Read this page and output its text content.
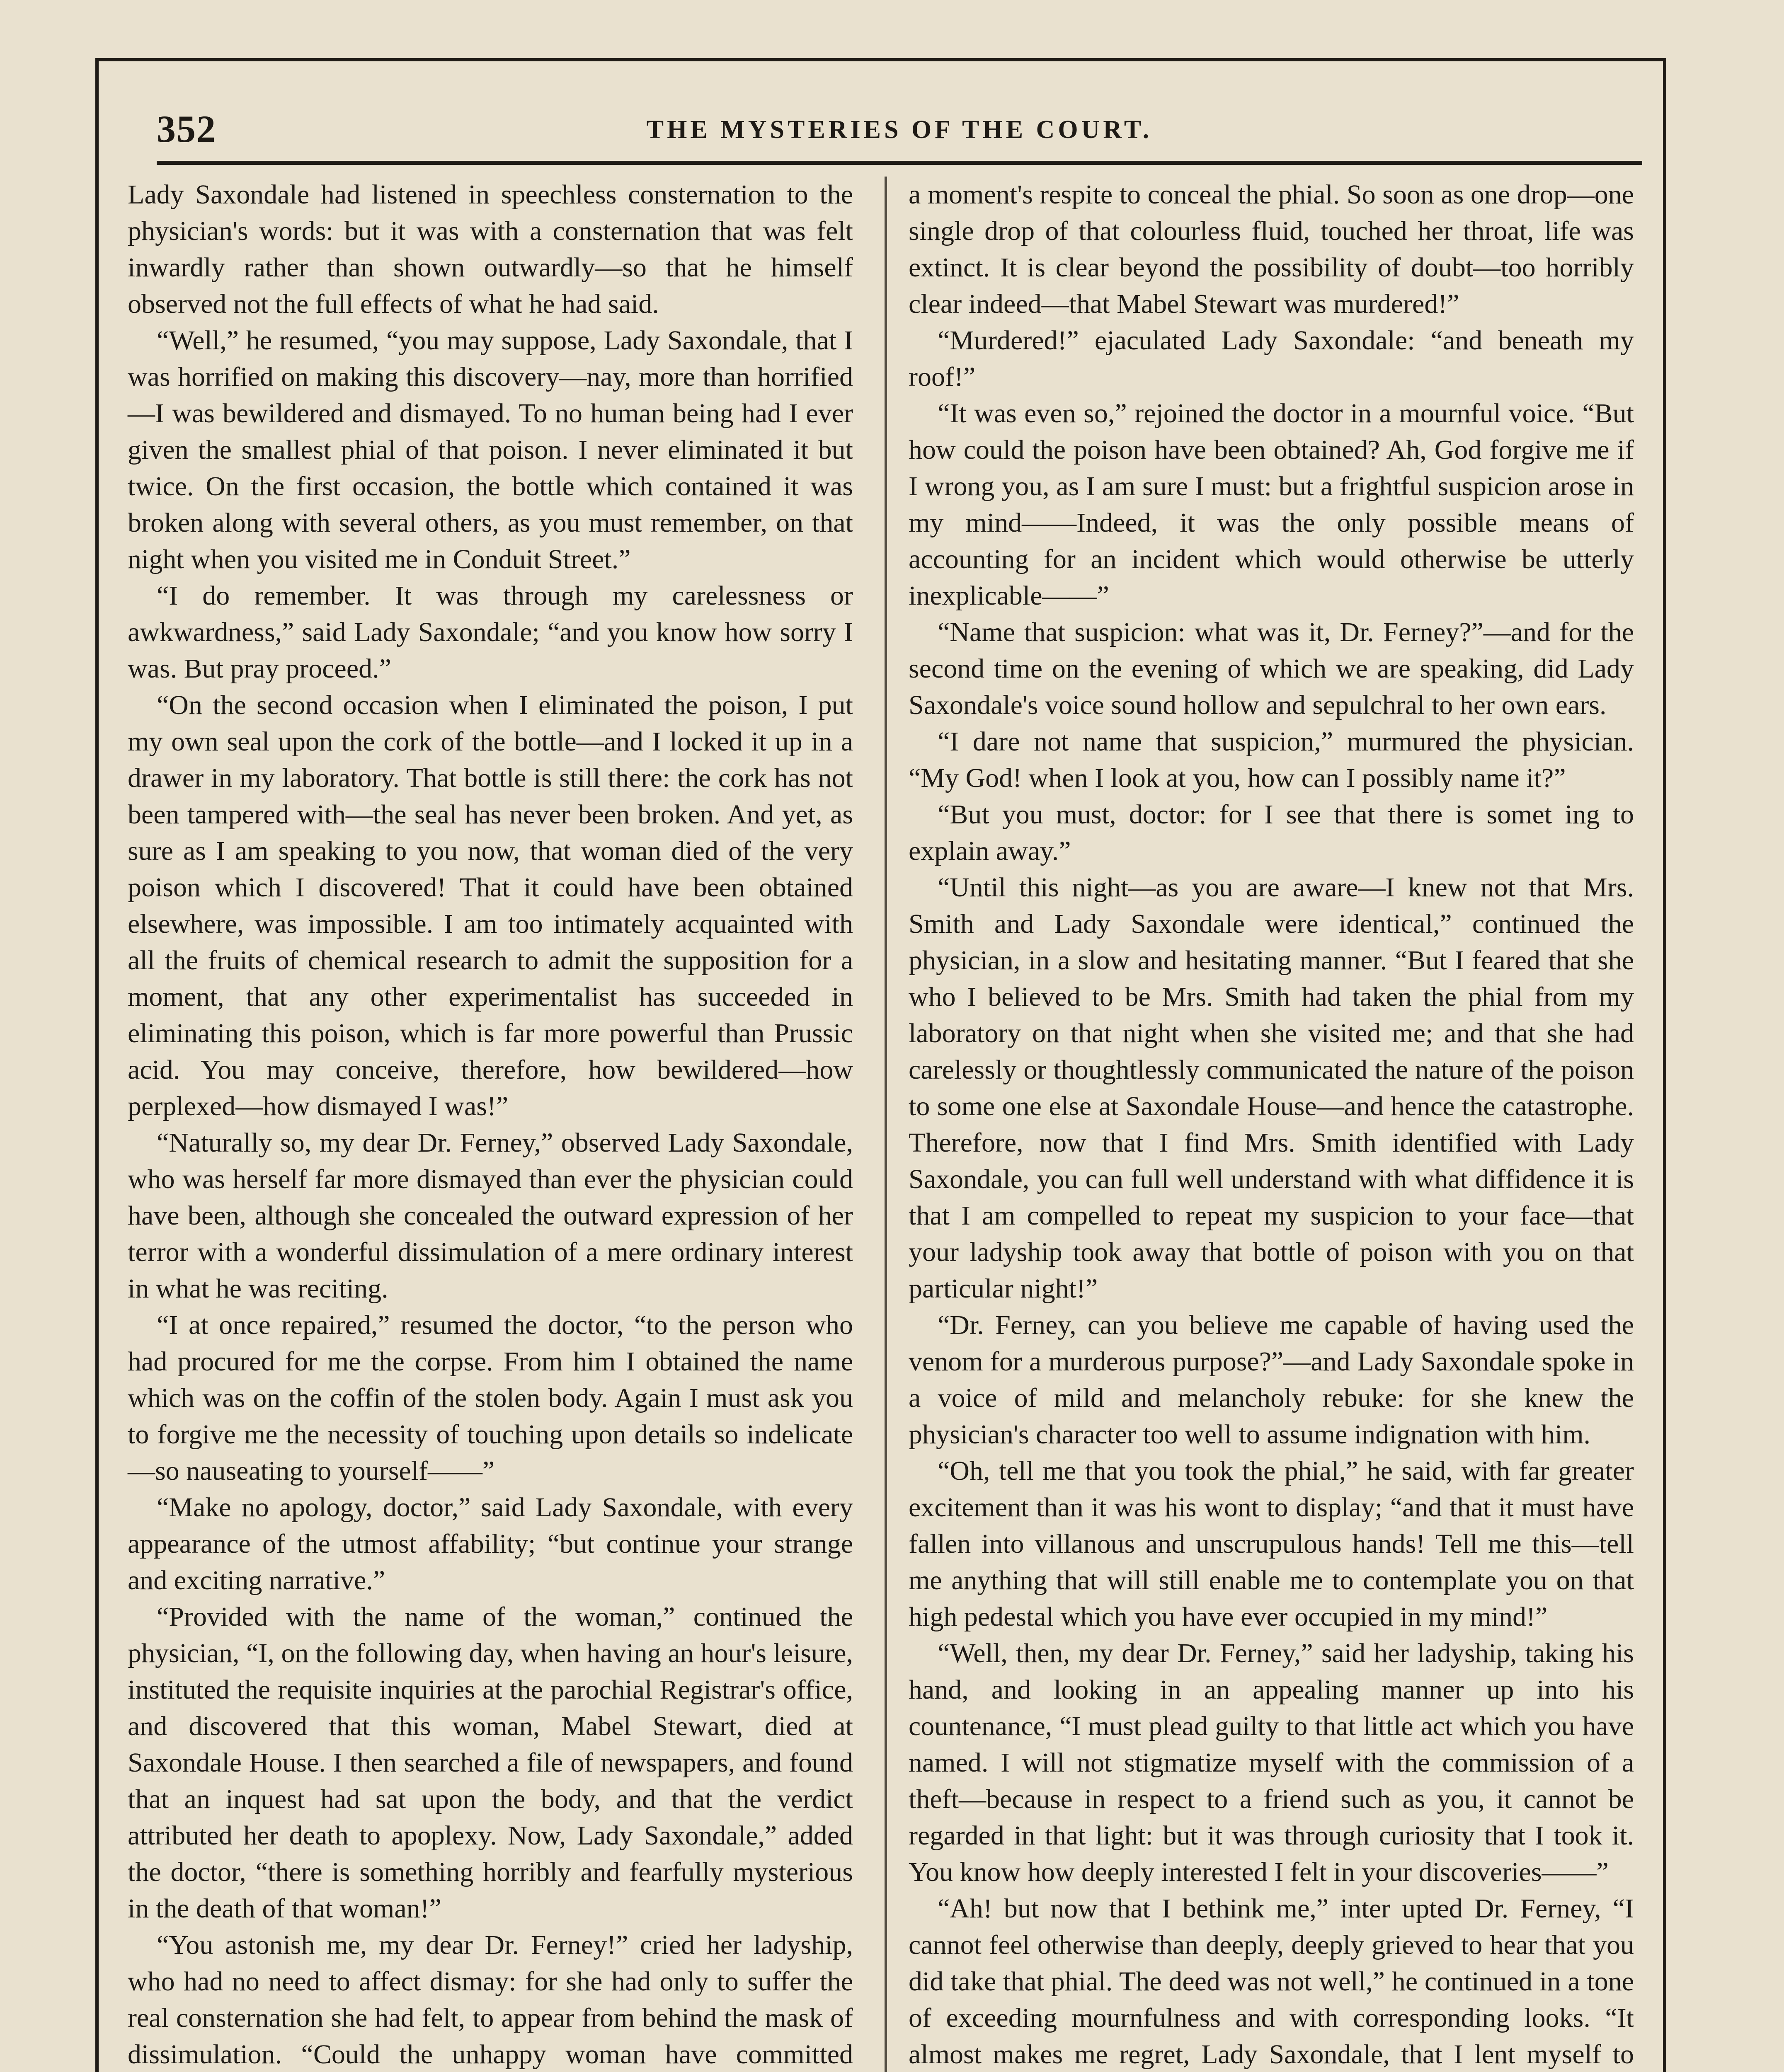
352	THE MYSTERIES OF THE COURT.

Lady Saxondale had listened in speechless consternation to the physician's words: but it was with a consternation that was felt inwardly rather than shown outwardly—so that he himself observed not the full effects of what he had said.

“Well,” he resumed, “you may suppose, Lady Saxondale, that I was horrified on making this discovery—nay, more than horrified—I was bewildered and dismayed. To no human being had I ever given the smallest phial of that poison. I never eliminated it but twice. On the first occasion, the bottle which contained it was broken along with several others, as you must remember, on that night when you visited me in Conduit Street.”

“I do remember. It was through my carelessness or awkwardness,” said Lady Saxondale; “and you know how sorry I was. But pray proceed.”

“On the second occasion when I eliminated the poison, I put my own seal upon the cork of the bottle—and I locked it up in a drawer in my laboratory. That bottle is still there: the cork has not been tampered with—the seal has never been broken. And yet, as sure as I am speaking to you now, that woman died of the very poison which I discovered! That it could have been obtained elsewhere, was impossible. I am too intimately acquainted with all the fruits of chemical research to admit the supposition for a moment, that any other experimentalist has succeeded in eliminating this poison, which is far more powerful than Prussic acid. You may conceive, therefore, how bewildered—how perplexed—how dismayed I was!”

“Naturally so, my dear Dr. Ferney,” observed Lady Saxondale, who was herself far more dismayed than ever the physician could have been, although she concealed the outward expression of her terror with a wonderful dissimulation of a mere ordinary interest in what he was reciting.

“I at once repaired,” resumed the doctor, “to the person who had procured for me the corpse. From him I obtained the name which was on the coffin of the stolen body. Again I must ask you to forgive me the necessity of touching upon details so indelicate—so nauseating to yourself——”

“Make no apology, doctor,” said Lady Saxondale, with every appearance of the utmost affability; “but continue your strange and exciting narrative.”

“Provided with the name of the woman,” continued the physician, “I, on the following day, when having an hour's leisure, instituted the requisite inquiries at the parochial Registrar's office, and discovered that this woman, Mabel Stewart, died at Saxondale House. I then searched a file of newspapers, and found that an inquest had sat upon the body, and that the verdict attributed her death to apoplexy. Now, Lady Saxondale,” added the doctor, “there is something horribly and fearfully mysterious in the death of that woman!”

“You astonish me, my dear Dr. Ferney!” cried her ladyship, who had no need to affect dismay: for she had only to suffer the real consternation she had felt, to appear from behind the mask of dissimulation. “Could the unhappy woman have committed

a moment's respite to conceal the phial. So soon as one drop—one single drop of that colourless fluid, touched her throat, life was extinct. It is clear beyond the possibility of doubt—too horribly clear indeed—that Mabel Stewart was murdered!”

“Murdered!” ejaculated Lady Saxondale: “and beneath my roof!”

“It was even so,” rejoined the doctor in a mournful voice. “But how could the poison have been obtained? Ah, God forgive me if I wrong you, as I am sure I must: but a frightful suspicion arose in my mind——Indeed, it was the only possible means of accounting for an incident which would otherwise be utterly inexplicable——”

“Name that suspicion: what was it, Dr. Ferney?”—and for the second time on the evening of which we are speaking, did Lady Saxondale's voice sound hollow and sepulchral to her own ears.

“I dare not name that suspicion,” murmured the physician. “My God! when I look at you, how can I possibly name it?”

“But you must, doctor: for I see that there is somet ing to explain away.”

“Until this night—as you are aware—I knew not that Mrs. Smith and Lady Saxondale were identical,” continued the physician, in a slow and hesitating manner. “But I feared that she who I believed to be Mrs. Smith had taken the phial from my laboratory on that night when she visited me; and that she had carelessly or thoughtlessly communicated the nature of the poison to some one else at Saxondale House—and hence the catastrophe. Therefore, now that I find Mrs. Smith identified with Lady Saxondale, you can full well understand with what diffidence it is that I am compelled to repeat my suspicion to your face—that your ladyship took away that bottle of poison with you on that particular night!”

“Dr. Ferney, can you believe me capable of having used the venom for a murderous purpose?”—and Lady Saxondale spoke in a voice of mild and melancholy rebuke: for she knew the physician's character too well to assume indignation with him.

“Oh, tell me that you took the phial,” he said, with far greater excitement than it was his wont to display; “and that it must have fallen into villanous and unscrupulous hands! Tell me this—tell me anything that will still enable me to contemplate you on that high pedestal which you have ever occupied in my mind!”

“Well, then, my dear Dr. Ferney,” said her ladyship, taking his hand, and looking in an appealing manner up into his countenance, “I must plead guilty to that little act which you have named. I will not stigmatize myself with the commission of a theft—because in respect to a friend such as you, it cannot be regarded in that light: but it was through curiosity that I took it. You know how deeply interested I felt in your discoveries——”

“Ah! but now that I bethink me,” inter upted Dr. Ferney, “I cannot feel otherwise than deeply, deeply grieved to hear that you did take that phial. The deed was not well,” he continued in a tone of exceeding mournfulness and with corresponding looks. “It almost makes me regret, Lady Saxondale, that I lent myself to
